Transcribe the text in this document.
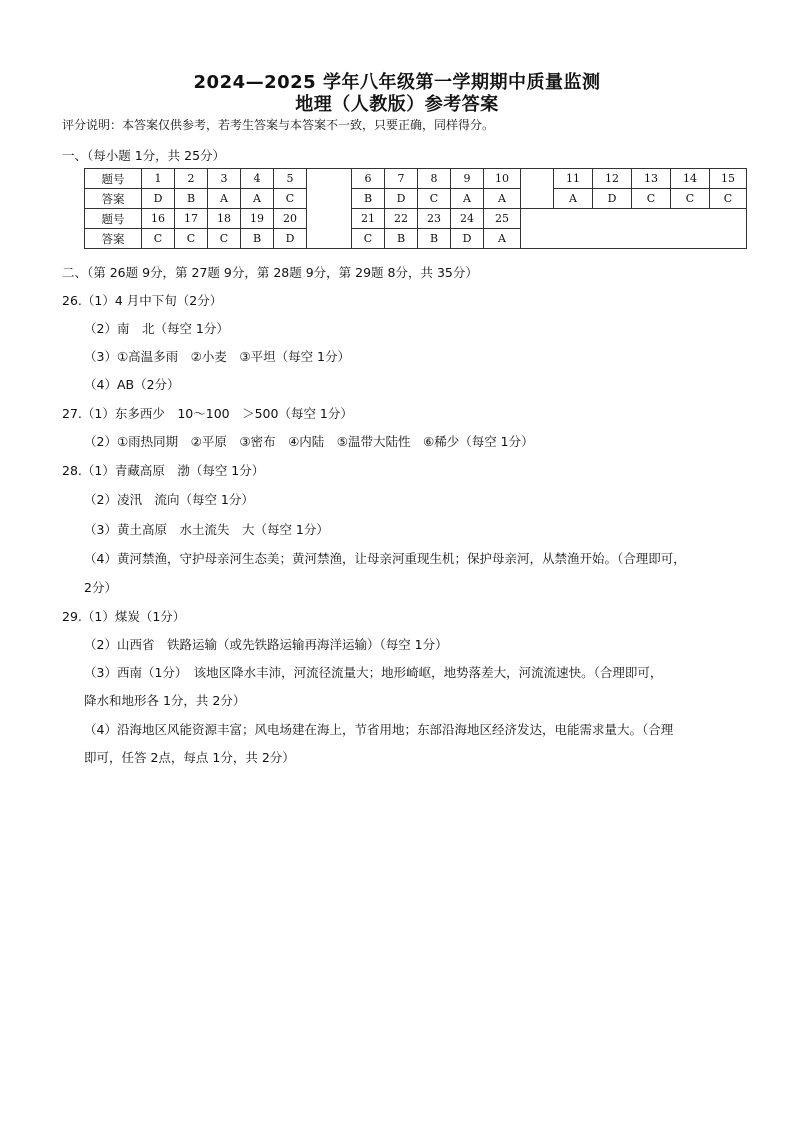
2024—2025 学年八年级第一学期期中质量监测
地理（人教版）参考答案
评分说明：本答案仅供参考，若考生答案与本答案不一致，只要正确，同样得分。
一、（每小题 1分，共 25分）
题号	1	2	3	4	5		6	7	8	9	10		11	12	13	14	15
答案	D	B	A	A	C		B	D	C	A	A		A	D	C	C	C
题号	16	17	18	19	20		21	22	23	24	25						
答案	C	C	C	B	D		C	B	B	D	A						
二、（第 26题 9分，第 27题 9分，第 28题 9分，第 29题 8分，共 35分）
26.（1）4 月中下旬（2分）
（2）南　北（每空 1分）
（3）①高温多雨　②小麦　③平坦（每空 1分）
（4）AB（2分）
27.（1）东多西少　10～100　＞500（每空 1分）
（2）①雨热同期　②平原　③密布　④内陆　⑤温带大陆性　⑥稀少（每空 1分）
28.（1）青藏高原　渤（每空 1分）
（2）凌汛　流向（每空 1分）
（3）黄土高原　水土流失　大（每空 1分）
（4）黄河禁渔，守护母亲河生态美；黄河禁渔，让母亲河重现生机；保护母亲河，从禁渔开始。（合理即可，
2分）
29.（1）煤炭（1分）
（2）山西省　铁路运输（或先铁路运输再海洋运输）（每空 1分）
（3）西南（1分）　该地区降水丰沛，河流径流量大；地形崎岖，地势落差大，河流流速快。（合理即可，
降水和地形各 1分，共 2分）
（4）沿海地区风能资源丰富；风电场建在海上，节省用地；东部沿海地区经济发达，电能需求量大。（合理
即可，任答 2点，每点 1分，共 2分）
